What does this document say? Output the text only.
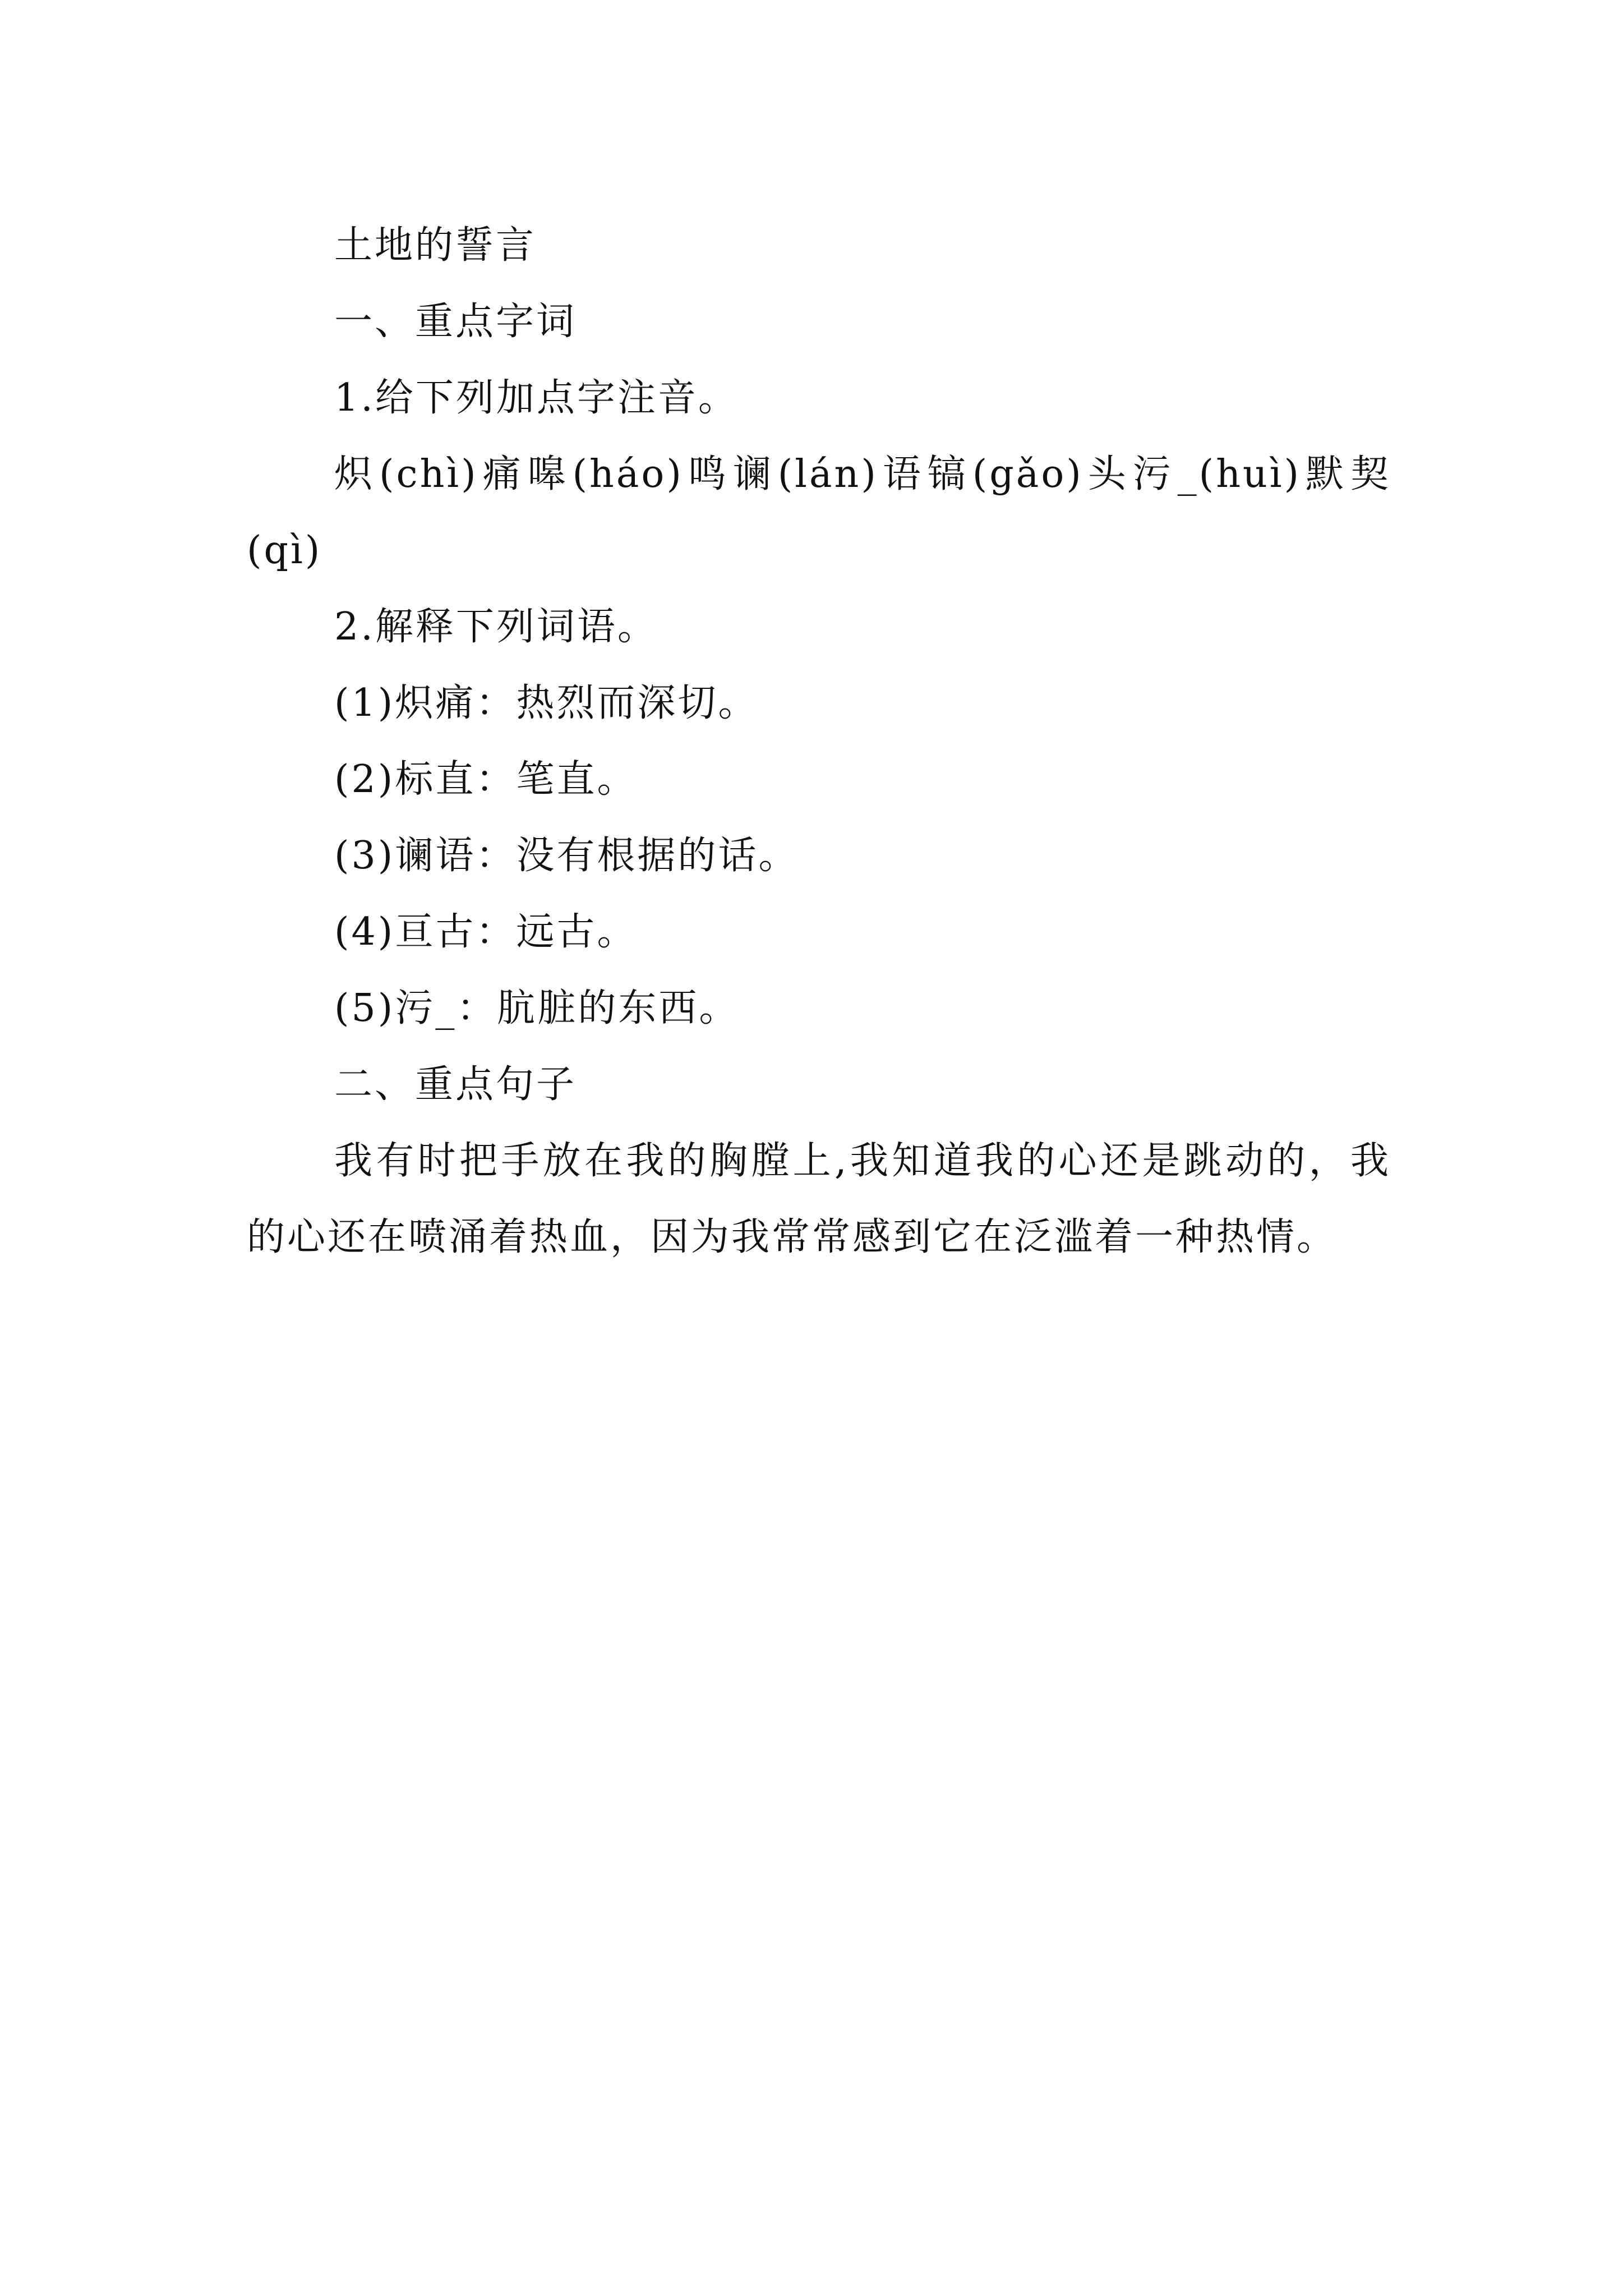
土地的誓言

一、重点字词

1.给下列加点字注音。

炽(chì)痛嗥(háo)鸣谰(lán)语镐(gǎo)头污_(huì)默契(qì)

2.解释下列词语。

(1)炽痛：热烈而深切。

(2)标直：笔直。

(3)谰语：没有根据的话。

(4)亘古：远古。

(5)污_：肮脏的东西。

二、重点句子

我有时把手放在我的胸膛上,我知道我的心还是跳动的，我的心还在喷涌着热血，因为我常常感到它在泛滥着一种热情。
